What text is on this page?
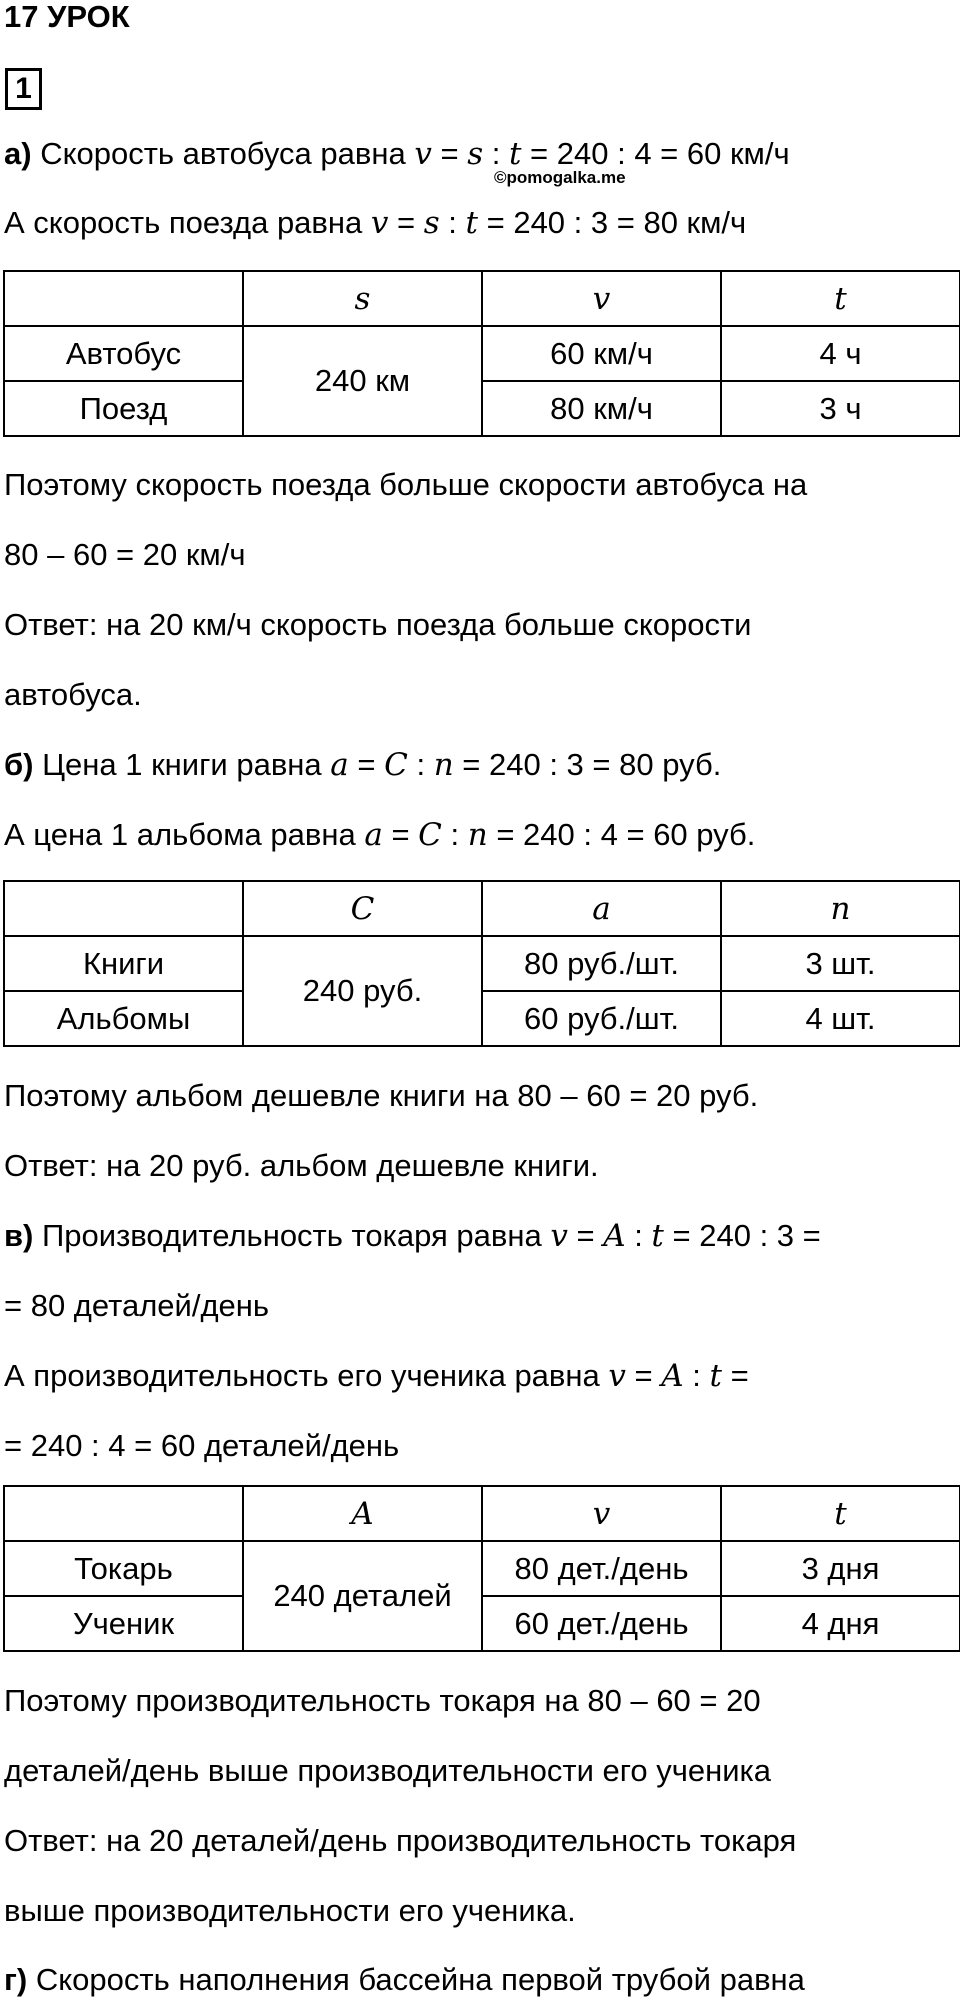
17 УРОК
1
а) Скорость автобуса равна v = s : t = 240 : 4 = 60 км/ч
©pomogalka.me
А скорость поезда равна v = s : t = 240 : 3 = 80 км/ч
	s	v	t
Автобус	240 км	60 км/ч	4 ч
Поезд		80 км/ч	3 ч
Поэтому скорость поезда больше скорости автобуса на
80 – 60 = 20 км/ч
Ответ: на 20 км/ч скорость поезда больше скорости
автобуса.
б) Цена 1 книги равна a = C : n = 240 : 3 = 80 руб.
А цена 1 альбома равна a = C : n = 240 : 4 = 60 руб.
	C	a	n
Книги	240 руб.	80 руб./шт.	3 шт.
Альбомы		60 руб./шт.	4 шт.
Поэтому альбом дешевле книги на 80 – 60 = 20 руб.
Ответ: на 20 руб. альбом дешевле книги.
в) Производительность токаря равна v = A : t = 240 : 3 =
= 80 деталей/день
А производительность его ученика равна v = A : t =
= 240 : 4 = 60 деталей/день
	A	v	t
Токарь	240 деталей	80 дет./день	3 дня
Ученик		60 дет./день	4 дня
Поэтому производительность токаря на 80 – 60 = 20
деталей/день выше производительности его ученика
Ответ: на 20 деталей/день производительность токаря
выше производительности его ученика.
г) Скорость наполнения бассейна первой трубой равна
